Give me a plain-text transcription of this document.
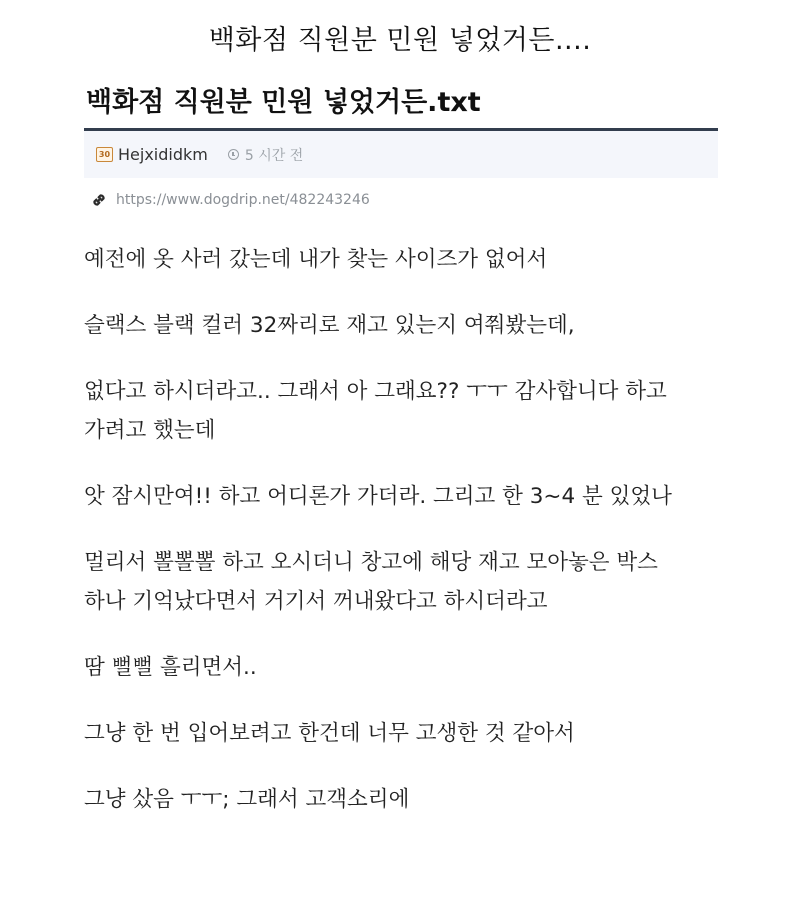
백화점 직원분 민원 넣었거든....
백화점 직원분 민원 넣었거든.txt
30 Hejxididkm	5 시간 전
https://www.dogdrip.net/482243246

예전에 옷 사러 갔는데 내가 찾는 사이즈가 없어서

슬랙스 블랙 컬러 32짜리로 재고 있는지 여쭤봤는데,

없다고 하시더라고.. 그래서 아 그래요?? ㅜㅜ 감사합니다 하고

가려고 했는데

앗 잠시만여!! 하고 어디론가 가더라. 그리고 한 3~4 분 있었나

멀리서 뽈뽈뽈 하고 오시더니 창고에 해당 재고 모아놓은 박스

하나 기억났다면서 거기서 꺼내왔다고 하시더라고

땀 뻘뻘 흘리면서..

그냥 한 번 입어보려고 한건데 너무 고생한 것 같아서

그냥 샀음 ㅜㅜ; 그래서 고객소리에
